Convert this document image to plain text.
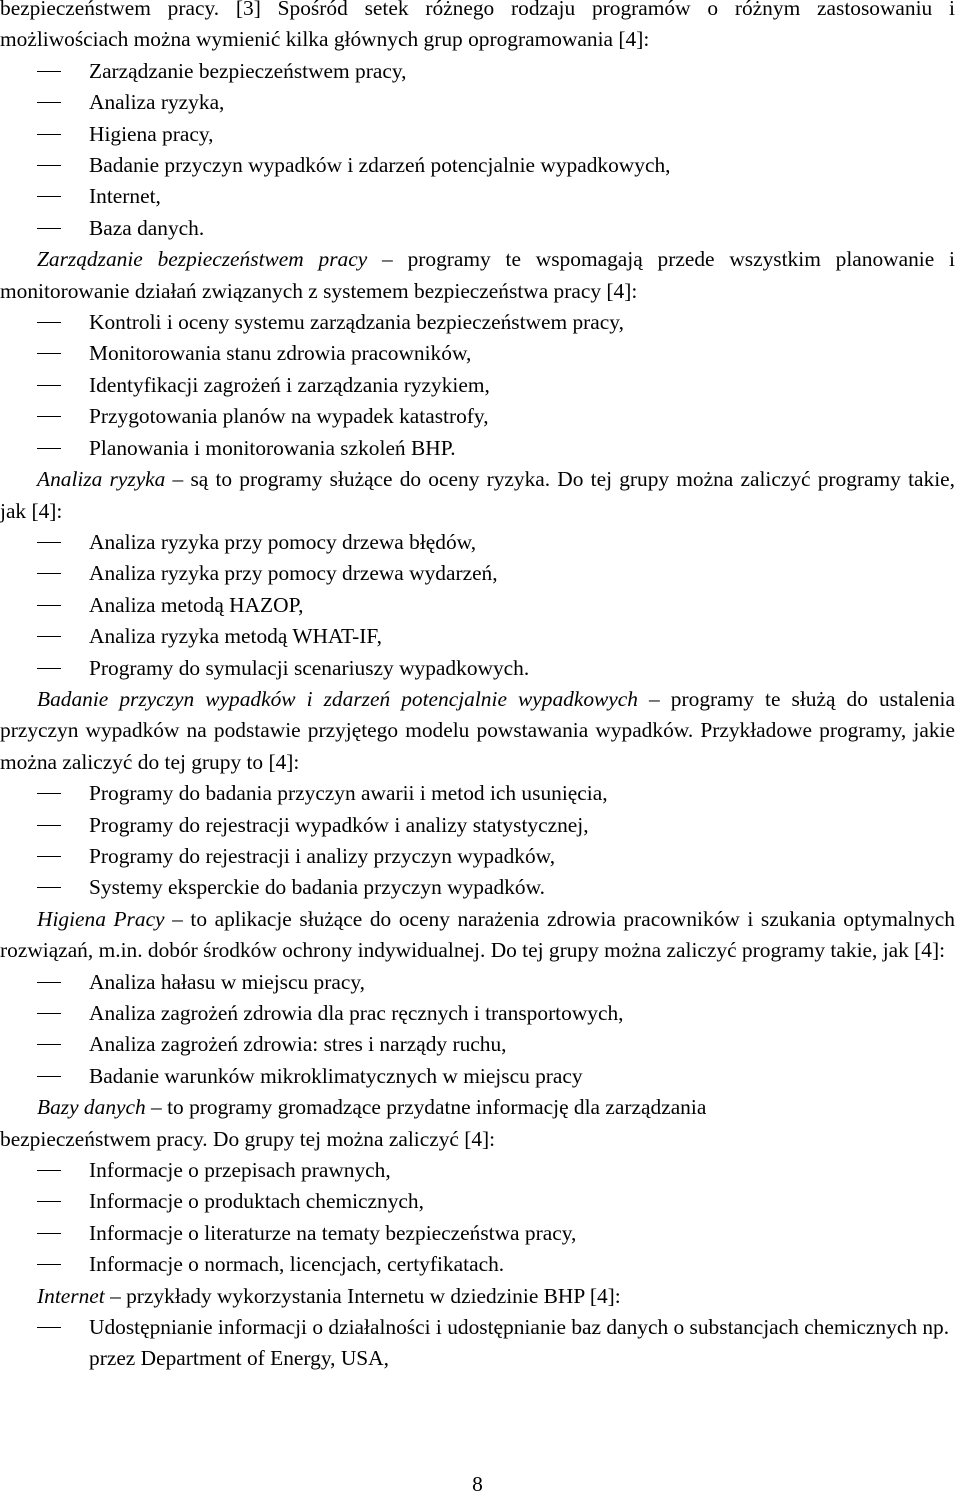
bezpieczeństwem pracy. [3] Spośród setek różnego rodzaju programów o różnym zastosowaniu i możliwościach można wymienić kilka głównych grup oprogramowania [4]:

Zarządzanie bezpieczeństwem pracy,
Analiza ryzyka,
Higiena pracy,
Badanie przyczyn wypadków i zdarzeń potencjalnie wypadkowych,
Internet,
Baza danych.

Zarządzanie bezpieczeństwem pracy – programy te wspomagają przede wszystkim planowanie i monitorowanie działań związanych z systemem bezpieczeństwa pracy [4]:

Kontroli i oceny systemu zarządzania bezpieczeństwem pracy,
Monitorowania stanu zdrowia pracowników,
Identyfikacji zagrożeń i zarządzania ryzykiem,
Przygotowania planów na wypadek katastrofy,
Planowania i monitorowania szkoleń BHP.

Analiza ryzyka – są to programy służące do oceny ryzyka. Do tej grupy można zaliczyć programy takie, jak [4]:

Analiza ryzyka przy pomocy drzewa błędów,
Analiza ryzyka przy pomocy drzewa wydarzeń,
Analiza metodą HAZOP,
Analiza ryzyka metodą WHAT-IF,
Programy do symulacji scenariuszy wypadkowych.

Badanie przyczyn wypadków i zdarzeń potencjalnie wypadkowych – programy te służą do ustalenia przyczyn wypadków na podstawie przyjętego modelu powstawania wypadków. Przykładowe programy, jakie można zaliczyć do tej grupy to [4]:

Programy do badania przyczyn awarii i metod ich usunięcia,
Programy do rejestracji wypadków i analizy statystycznej,
Programy do rejestracji i analizy przyczyn wypadków,
Systemy eksperckie do badania przyczyn wypadków.

Higiena Pracy – to aplikacje służące do oceny narażenia zdrowia pracowników i szukania optymalnych rozwiązań, m.in. dobór środków ochrony indywidualnej. Do tej grupy można zaliczyć programy takie, jak [4]:

Analiza hałasu w miejscu pracy,
Analiza zagrożeń zdrowia dla prac ręcznych i transportowych,
Analiza zagrożeń zdrowia: stres i narządy ruchu,
Badanie warunków mikroklimatycznych w miejscu pracy

Bazy danych – to programy gromadzące przydatne informację dla zarządzania
bezpieczeństwem pracy. Do grupy tej można zaliczyć [4]:

Informacje o przepisach prawnych,
Informacje o produktach chemicznych,
Informacje o literaturze na tematy bezpieczeństwa pracy,
Informacje o normach, licencjach, certyfikatach.

Internet – przykłady wykorzystania Internetu w dziedzinie BHP [4]:

Udostępnianie informacji o działalności i udostępnianie baz danych o substancjach chemicznych np. przez Department of Energy, USA,
8
